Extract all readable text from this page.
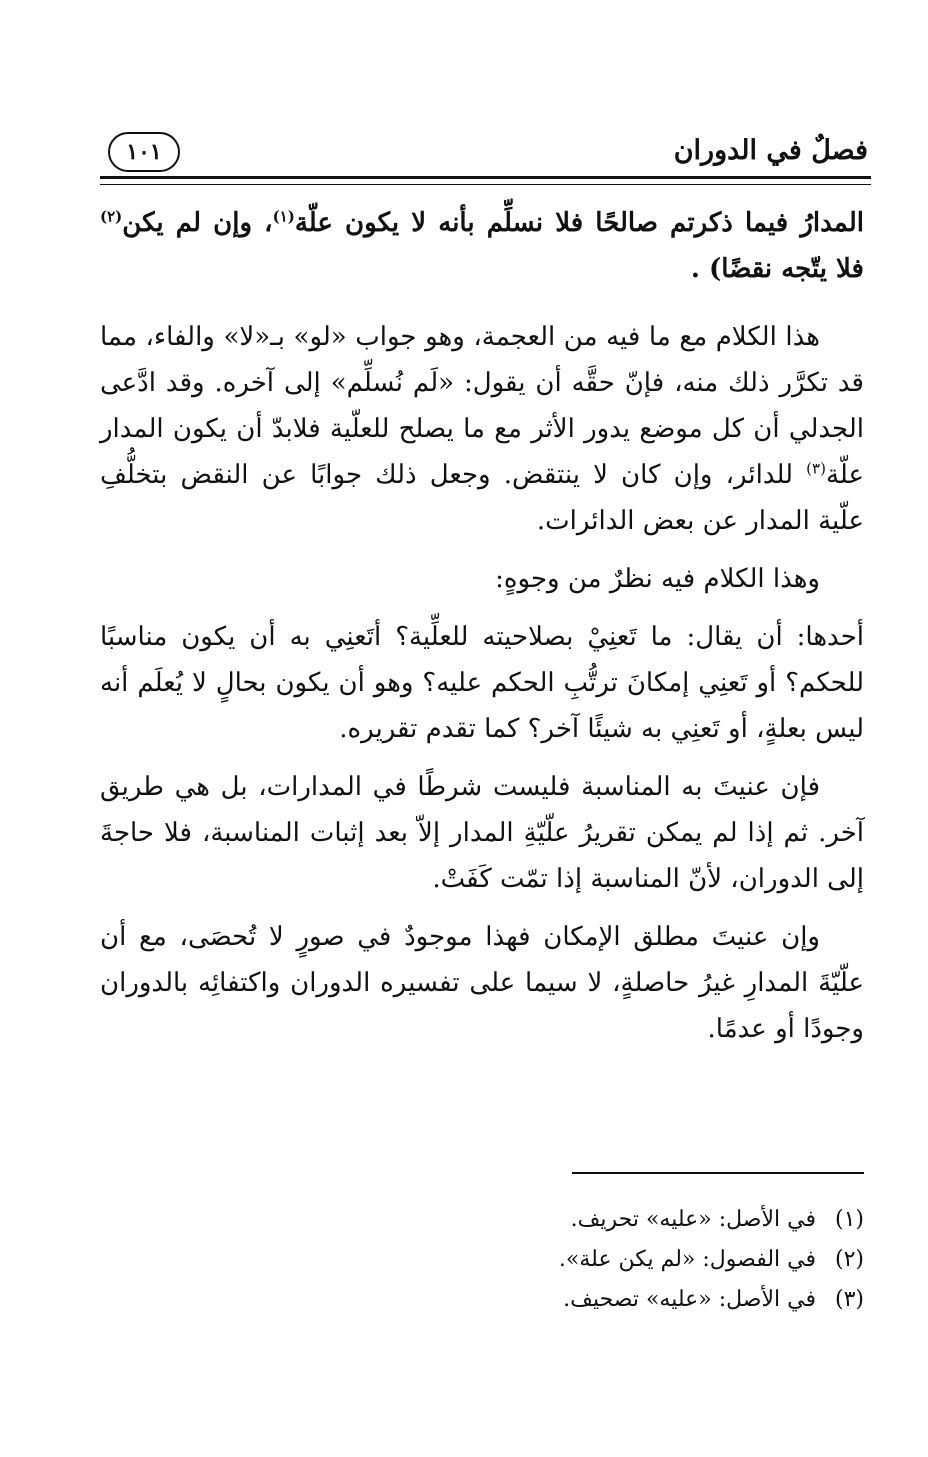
فصلٌ في الدوران
١٠١

المدارُ فيما ذكرتم صالحًا فلا نسلِّم بأنه لا يكون علّة$^{(١)}$، وإن لم يكن$^{(٢)}$ فلا يتّجه نقضًا) .

هذا الكلام مع ما فيه من العجمة، وهو جواب «لو» بـ«لا» والفاء، مما قد تكرَّر ذلك منه، فإنّ حقَّه أن يقول: «لَم نُسلِّم» إلى آخره. وقد ادَّعى الجدلي أن كل موضع يدور الأثر مع ما يصلح للعلّية فلابدّ أن يكون المدار علّة$^{(٣)}$ للدائر، وإن كان لا ينتقض. وجعل ذلك جوابًا عن النقض بتخلُّفِ علّية المدار عن بعض الدائرات.

وهذا الكلام فيه نظرٌ من وجوهٍ:

أحدها: أن يقال: ما تَعنِيْ بصلاحيته للعلِّية؟ أتَعنِي به أن يكون مناسبًا للحكم؟ أو تَعنِي إمكانَ ترتُّبِ الحكم عليه؟ وهو أن يكون بحالٍ لا يُعلَم أنه ليس بعلةٍ، أو تَعنِي به شيئًا آخر؟ كما تقدم تقريره.

فإن عنيتَ به المناسبة فليست شرطًا في المدارات، بل هي طريق آخر. ثم إذا لم يمكن تقريرُ علّيّةِ المدار إلاّ بعد إثبات المناسبة، فلا حاجةَ إلى الدوران، لأنّ المناسبة إذا تمّت كَفَتْ.

وإن عنيتَ مطلق الإمكان فهذا موجودٌ في صورٍ لا تُحصَى، مع أن علّيّةَ المدارِ غيرُ حاصلةٍ، لا سيما على تفسيره الدوران واكتفائِه بالدوران وجودًا أو عدمًا.

(١)
في الأصل: «عليه» تحريف.
(٢)
في الفصول: «لم يكن علة».
(٣)
في الأصل: «عليه» تصحيف.
